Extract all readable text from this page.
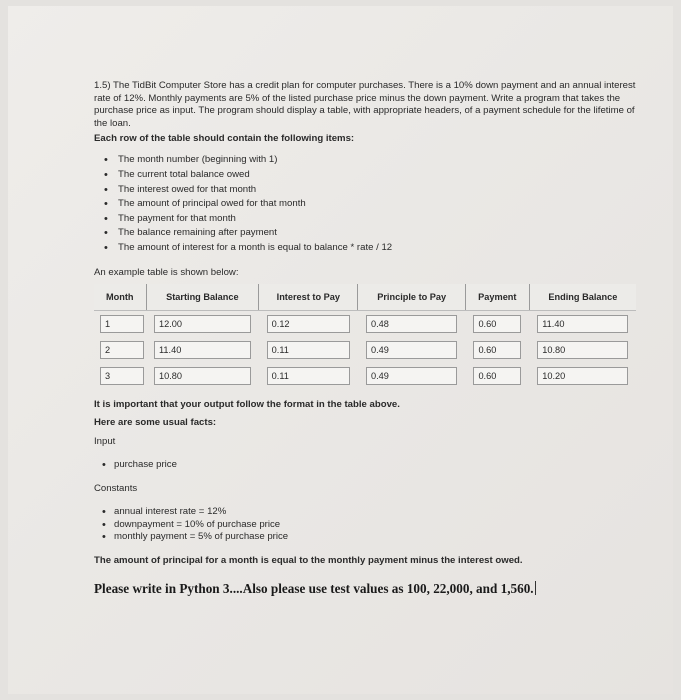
1.5) The TidBit Computer Store has a credit plan for computer purchases. There is a 10% down payment and an annual interest rate of 12%. Monthly payments are 5% of the listed purchase price minus the down payment. Write a program that takes the purchase price as input. The program should display a table, with appropriate headers, of a payment schedule for the lifetime of the loan.

Each row of the table should contain the following items:

• The month number (beginning with 1)
• The current total balance owed
• The interest owed for that month
• The amount of principal owed for that month
• The payment for that month
• The balance remaining after payment
• The amount of interest for a month is equal to balance * rate / 12

An example table is shown below:

Month	Starting Balance	Interest to Pay	Principle to Pay	Payment	Ending Balance

1	12.00	0.12	0.48	0.60	11.40

2	11.40	0.11	0.49	0.60	10.80

3	10.80	0.11	0.49	0.60	10.20

It is important that your output follow the format in the table above.

Here are some usual facts:

Input

• purchase price

Constants

• annual interest rate = 12%
• downpayment = 10% of purchase price
• monthly payment = 5% of purchase price

The amount of principal for a month is equal to the monthly payment minus the interest owed.

Please write in Python 3....Also please use test values as 100, 22,000, and 1,560.
